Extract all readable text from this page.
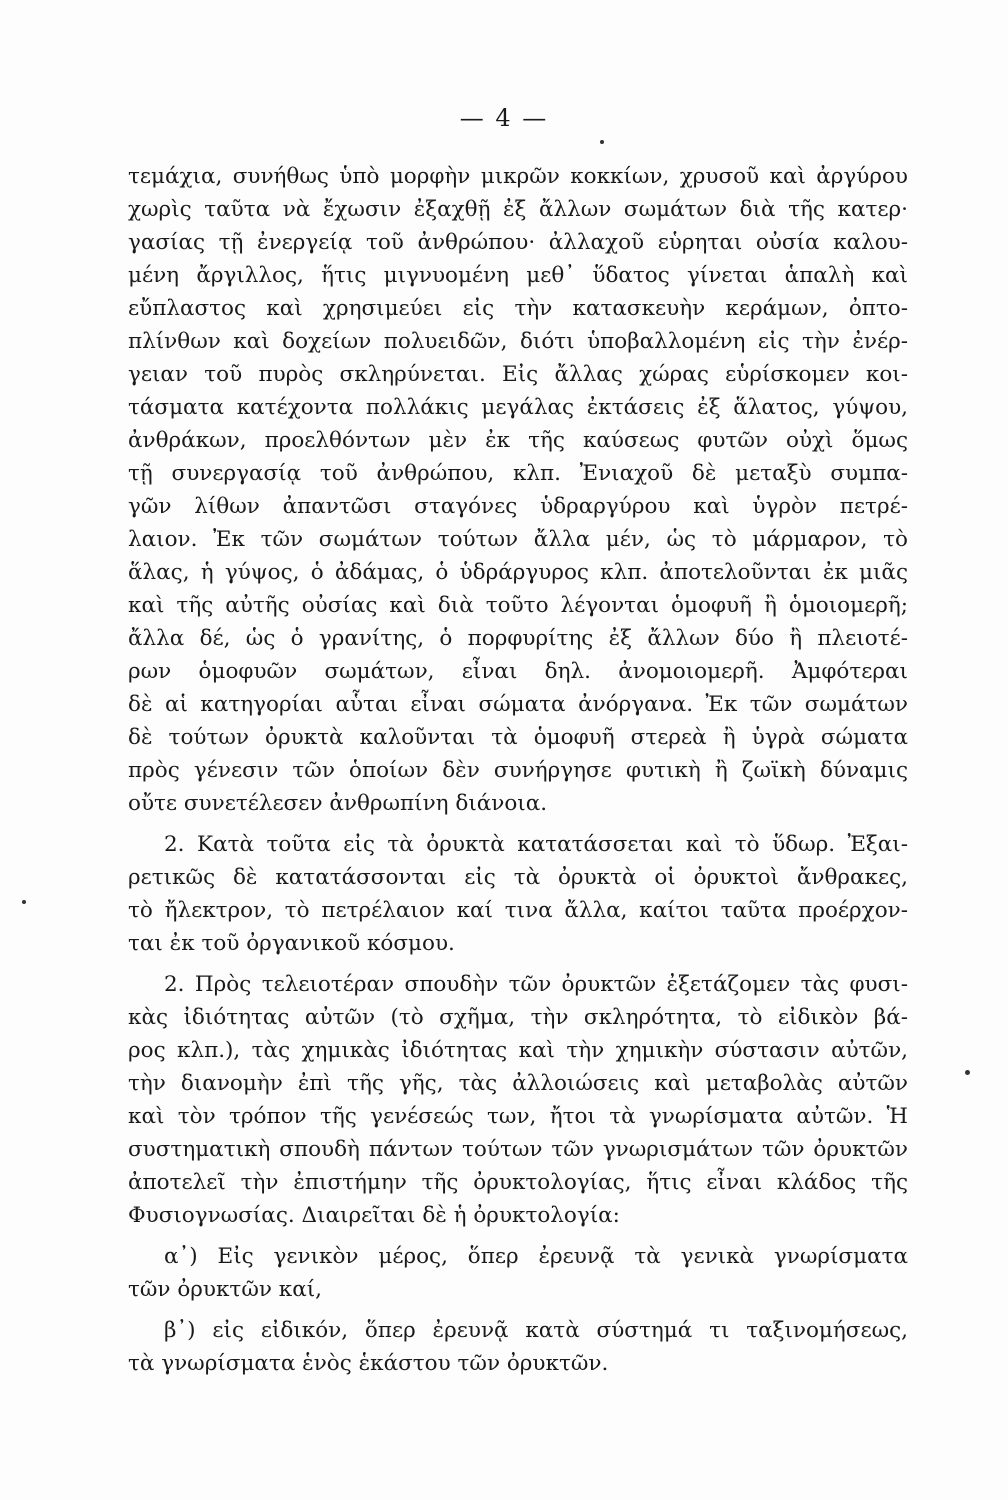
— 4 —
τεμάχια, συνήθως ὑπὸ μορφὴν μικρῶν κοκκίων, χρυσοῦ καὶ ἀργύρου
χωρὶς ταῦτα νὰ ἔχωσιν ἐξαχθῇ ἐξ ἄλλων σωμάτων διὰ τῆς κατερ·
γασίας τῇ ἐνεργείᾳ τοῦ ἀνθρώπου· ἀλλαχοῦ εὑρηται οὐσία καλου-
μένη ἄργιλλος, ἥτις μιγνυομένη μεθ᾿ ὕδατος γίνεται ἁπαλὴ καὶ
εὔπλαστος καὶ χρησιμεύει εἰς τὴν κατασκευὴν κεράμων, ὀπτο-
πλίνθων καὶ δοχείων πολυειδῶν, διότι ὑποβαλλομένη εἰς τὴν ἐνέρ-
γειαν τοῦ πυρὸς σκληρύνεται. Εἰς ἄλλας χώρας εὑρίσκομεν κοι-
τάσματα κατέχοντα πολλάκις μεγάλας ἐκτάσεις ἐξ ἅλατος, γύψου,
ἀνθράκων, προελθόντων μὲν ἐκ τῆς καύσεως φυτῶν οὐχὶ ὅμως
τῇ συνεργασίᾳ τοῦ ἀνθρώπου, κλπ. Ἐνιαχοῦ δὲ μεταξὺ συμπα-
γῶν λίθων ἀπαντῶσι σταγόνες ὑδραργύρου καὶ ὑγρὸν πετρέ-
λαιον. Ἐκ τῶν σωμάτων τούτων ἄλλα μέν, ὡς τὸ μάρμαρον, τὸ
ἅλας, ἡ γύψος, ὁ ἀδάμας, ὁ ὑδράργυρος κλπ. ἀποτελοῦνται ἐκ μιᾶς
καὶ τῆς αὐτῆς οὐσίας καὶ διὰ τοῦτο λέγονται ὁμοφυῆ ἢ ὁμοιομερῆ;
ἄλλα δέ, ὡς ὁ γρανίτης, ὁ πορφυρίτης ἐξ ἄλλων δύο ἢ πλειοτέ-
ρων ὁμοφυῶν σωμάτων, εἶναι δηλ. ἀνομοιομερῆ. Ἀμφότεραι
δὲ αἱ κατηγορίαι αὗται εἶναι σώματα ἀνόργανα. Ἐκ τῶν σωμάτων
δὲ τούτων ὀρυκτὰ καλοῦνται τὰ ὁμοφυῆ στερεὰ ἢ ὑγρὰ σώματα
πρὸς γένεσιν τῶν ὁποίων δὲν συνήργησε φυτικὴ ἢ ζωϊκὴ δύναμις
οὔτε συνετέλεσεν ἀνθρωπίνη διάνοια.
2. Κατὰ τοῦτα εἰς τὰ ὀρυκτὰ κατατάσσεται καὶ τὸ ὕδωρ. Ἐξαι-
ρετικῶς δὲ κατατάσσονται εἰς τὰ ὀρυκτὰ οἱ ὀρυκτοὶ ἄνθρακες,
τὸ ἤλεκτρον, τὸ πετρέλαιον καί τινα ἄλλα, καίτοι ταῦτα προέρχον-
ται ἐκ τοῦ ὀργανικοῦ κόσμου.
2. Πρὸς τελειοτέραν σπουδὴν τῶν ὀρυκτῶν ἐξετάζομεν τὰς φυσι-
κὰς ἰδιότητας αὐτῶν (τὸ σχῆμα, τὴν σκληρότητα, τὸ εἰδικὸν βά-
ρος κλπ.), τὰς χημικὰς ἰδιότητας καὶ τὴν χημικὴν σύστασιν αὐτῶν,
τὴν διανομὴν ἐπὶ τῆς γῆς, τὰς ἀλλοιώσεις καὶ μεταβολὰς αὐτῶν
καὶ τὸν τρόπον τῆς γενέσεώς των, ἤτοι τὰ γνωρίσματα αὐτῶν. Ἡ
συστηματικὴ σπουδὴ πάντων τούτων τῶν γνωρισμάτων τῶν ὀρυκτῶν
ἀποτελεῖ τὴν ἐπιστήμην τῆς ὀρυκτολογίας, ἥτις εἶναι κλάδος τῆς
Φυσιογνωσίας. Διαιρεῖται δὲ ἡ ὀρυκτολογία:
α᾿) Εἰς γενικὸν μέρος, ὅπερ ἐρευνᾷ τὰ γενικὰ γνωρίσματα
τῶν ὀρυκτῶν καί,
β᾿) εἰς εἰδικόν, ὅπερ ἐρευνᾷ κατὰ σύστημά τι ταξινομήσεως,
τὰ γνωρίσματα ἑνὸς ἑκάστου τῶν ὀρυκτῶν.
